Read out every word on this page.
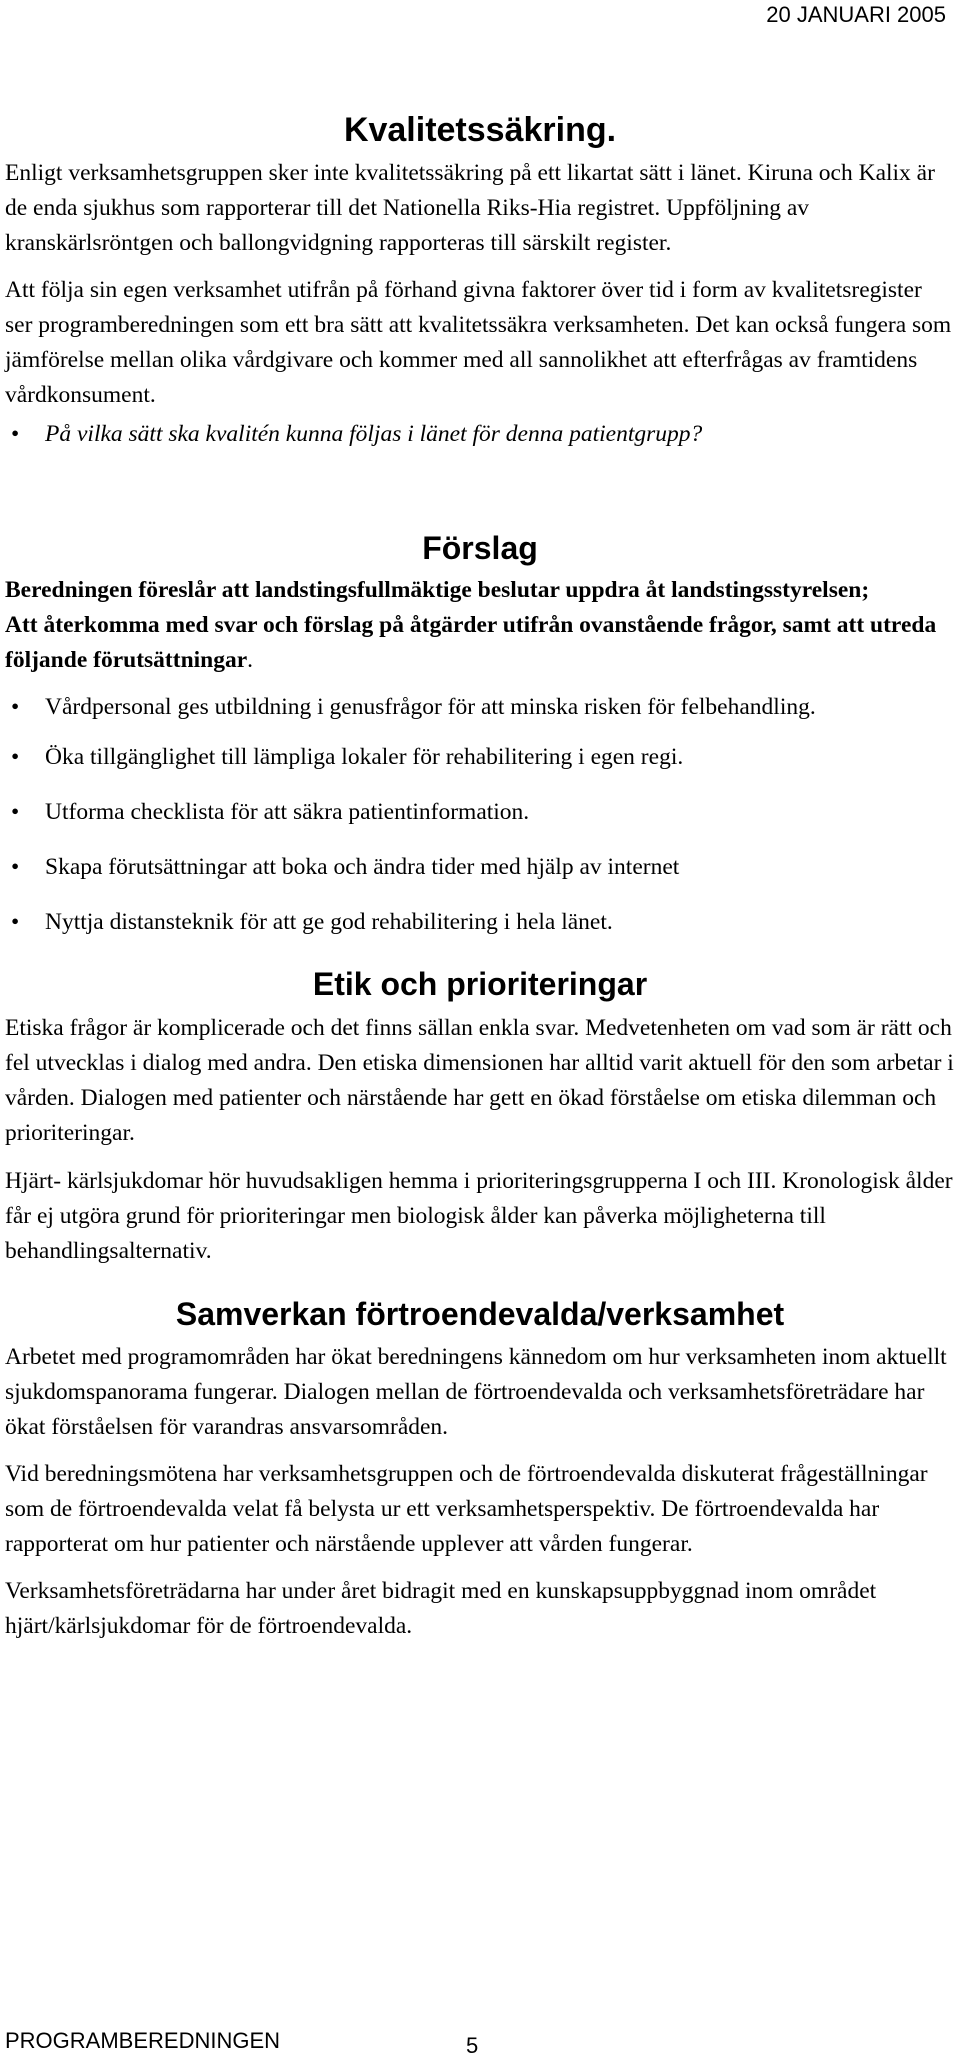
20 JANUARI 2005
Kvalitetssäkring.

Enligt verksamhetsgruppen sker inte kvalitetssäkring på ett likartat sätt i länet. Kiruna och Kalix är de enda sjukhus som rapporterar till det Nationella Riks-Hia registret. Uppföljning av kranskärlsröntgen och ballongvidgning rapporteras till särskilt register.

Att följa sin egen verksamhet utifrån på förhand givna faktorer över tid i form av kvalitetsregister ser programberedningen som ett bra sätt att kvalitetssäkra verksamheten. Det kan också fungera som jämförelse mellan olika vårdgivare och kommer med all sannolikhet att efterfrågas av framtidens vårdkonsument.

• På vilka sätt ska kvalitén kunna följas i länet för denna patientgrupp?

Förslag

Beredningen föreslår att landstingsfullmäktige beslutar uppdra åt landstingsstyrelsen;

Att återkomma med svar och förslag på åtgärder utifrån ovanstående frågor, samt att utreda följande förutsättningar.

• Vårdpersonal ges utbildning i genusfrågor för att minska risken för felbehandling.

• Öka tillgänglighet till lämpliga lokaler för rehabilitering i egen regi.

• Utforma checklista för att säkra patientinformation.

• Skapa förutsättningar att boka och ändra tider med hjälp av internet

• Nyttja distansteknik för att ge god rehabilitering i hela länet.

Etik och prioriteringar

Etiska frågor är komplicerade och det finns sällan enkla svar. Medvetenheten om vad som är rätt och fel utvecklas i dialog med andra. Den etiska dimensionen har alltid varit aktuell för den som arbetar i vården. Dialogen med patienter och närstående har gett en ökad förståelse om etiska dilemman och prioriteringar.

Hjärt- kärlsjukdomar hör huvudsakligen hemma i prioriteringsgrupperna I och III. Kronologisk ålder får ej utgöra grund för prioriteringar men biologisk ålder kan påverka möjligheterna till behandlingsalternativ.

Samverkan förtroendevalda/verksamhet

Arbetet med programområden har ökat beredningens kännedom om hur verksamheten inom aktuellt sjukdomspanorama fungerar. Dialogen mellan de förtroendevalda och verksamhetsföreträdare har ökat förståelsen för varandras ansvarsområden.

Vid beredningsmötena har verksamhetsgruppen och de förtroendevalda diskuterat frågeställningar som de förtroendevalda velat få belysta ur ett verksamhetsperspektiv. De förtroendevalda har rapporterat om hur patienter och närstående upplever att vården fungerar.

Verksamhetsföreträdarna har under året bidragit med en kunskapsuppbyggnad inom området hjärt/kärlsjukdomar för de förtroendevalda.

PROGRAMBEREDNINGEN	5
